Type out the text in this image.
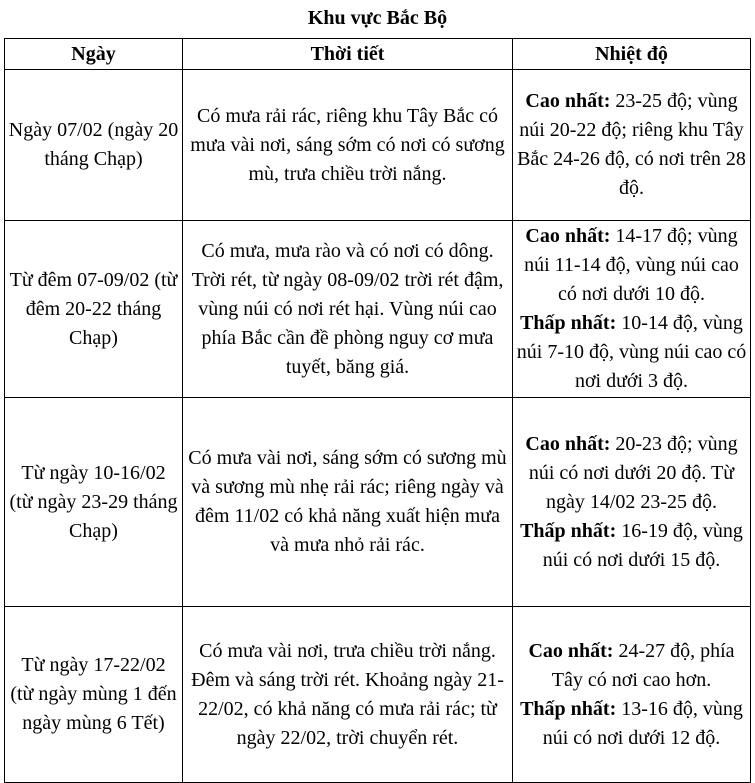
Khu vực Bắc Bộ
Ngày	Thời tiết	Nhiệt độ
Ngày 07/02 (ngày 20 tháng Chạp)	Có mưa rải rác, riêng khu Tây Bắc có mưa vài nơi, sáng sớm có nơi có sương mù, trưa chiều trời nắng.	Cao nhất: 23-25 độ; vùng núi 20-22 độ; riêng khu Tây Bắc 24-26 độ, có nơi trên 28 độ.

Từ đêm 07-09/02 (từ đêm 20-22 tháng Chạp)	Có mưa, mưa rào và có nơi có dông. Trời rét, từ ngày 08-09/02 trời rét đậm, vùng núi có nơi rét hại. Vùng núi cao phía Bắc cần đề phòng nguy cơ mưa tuyết, băng giá.	Cao nhất: 14-17 độ; vùng núi 11-14 độ, vùng núi cao có nơi dưới 10 độ.
Thấp nhất: 10-14 độ, vùng núi 7-10 độ, vùng núi cao có nơi dưới 3 độ.

Từ ngày 10-16/02 (từ ngày 23-29 tháng Chạp)	Có mưa vài nơi, sáng sớm có sương mù và sương mù nhẹ rải rác; riêng ngày và đêm 11/02 có khả năng xuất hiện mưa và mưa nhỏ rải rác.	Cao nhất: 20-23 độ; vùng núi có nơi dưới 20 độ. Từ ngày 14/02 23-25 độ.
Thấp nhất: 16-19 độ, vùng núi có nơi dưới 15 độ.

Từ ngày 17-22/02 (từ ngày mùng 1 đến ngày mùng 6 Tết)	Có mưa vài nơi, trưa chiều trời nắng. Đêm và sáng trời rét. Khoảng ngày 21-22/02, có khả năng có mưa rải rác; từ ngày 22/02, trời chuyển rét.	Cao nhất: 24-27 độ, phía Tây có nơi cao hơn.
Thấp nhất: 13-16 độ, vùng núi có nơi dưới 12 độ.
